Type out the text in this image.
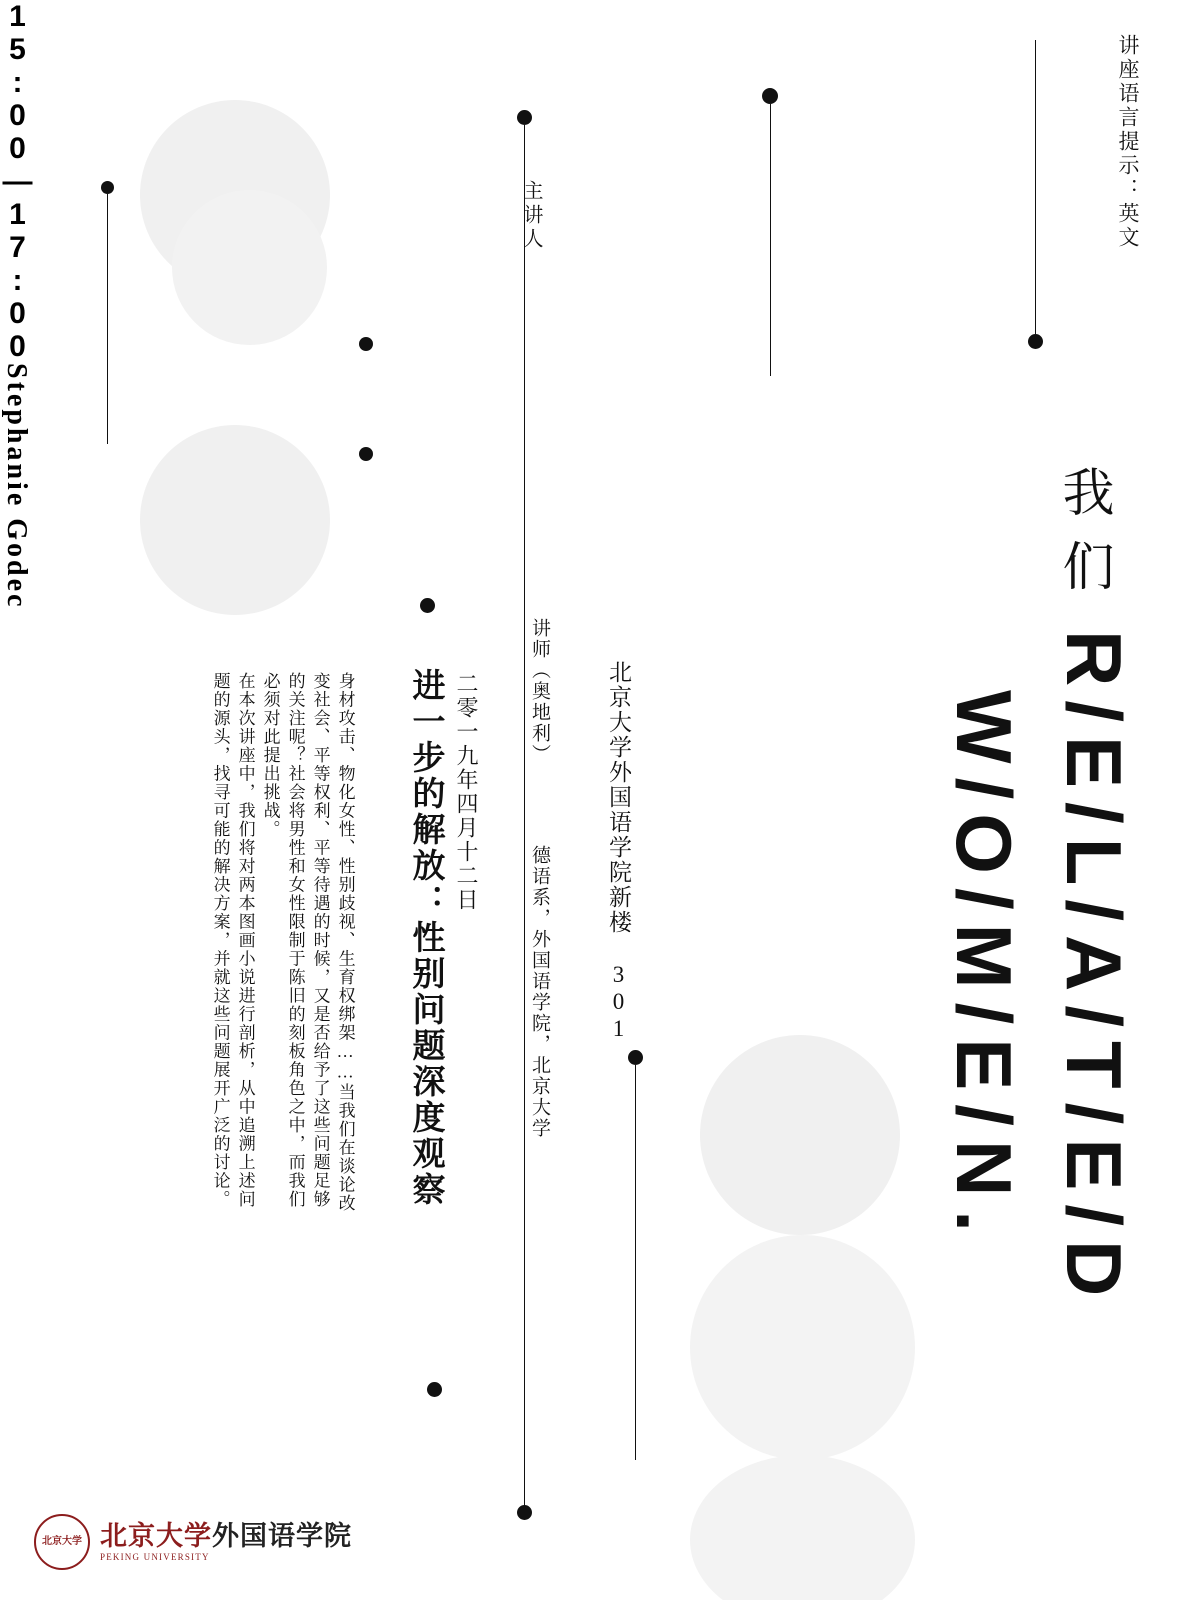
讲座语言提示：英文
我们
R/E/L/A/T/E/D
W/O/M/E/N.
北京大学外国语学院新楼 301
二零一九年四月十二日
15:00—17:00	主讲人
Stephanie Godec
讲师（奥地利）
德语系，外国语学院，北京大学
进一步的解放：性别问题深度观察
身材攻击、物化女性、性别歧视、生育权绑架……当我们在谈论改
变社会、平等权利、平等待遇的时候，又是否给予了这些问题足够
的关注呢？社会将男性和女性限制于陈旧的刻板角色之中，而我们
必须对此提出挑战。
在本次讲座中，我们将对两本图画小说进行剖析，从中追溯上述问
题的源头，找寻可能的解决方案，并就这些问题展开广泛的讨论。
北京大学 北京大学外国语学院
PEKING UNIVERSITY
